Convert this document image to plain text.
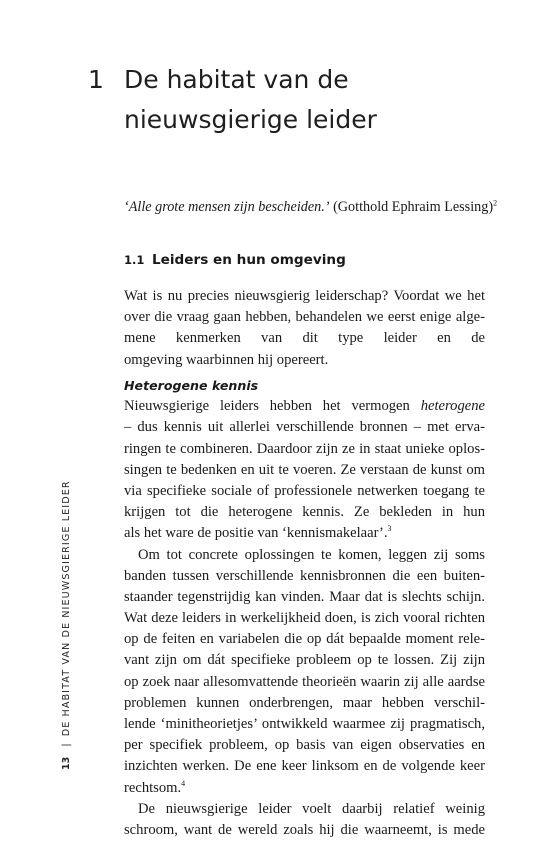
1 De habitat van de
nieuwsgierige leider
‘Alle grote mensen zijn bescheiden.’ (Gotthold Ephraim Lessing)$^2$
1.1 Leiders en hun omgeving
Wat is nu precies nieuwsgierig leiderschap? Voordat we het
over die vraag gaan hebben, behandelen we eerst enige alge-
mene kenmerken van dit type leider en de
omgeving waarbinnen hij opereert.
Heterogene kennis
Nieuwsgierige leiders hebben het vermogen heterogene
– dus kennis uit allerlei verschillende bronnen – met erva-
ringen te combineren. Daardoor zijn ze in staat unieke oplos-
singen te bedenken en uit te voeren. Ze verstaan de kunst om
via specifieke sociale of professionele netwerken toegang te
krijgen tot die heterogene kennis. Ze bekleden in hun
als het ware de positie van ‘kennismakelaar’.$^3$
Om tot concrete oplossingen te komen, leggen zij soms
banden tussen verschillende kennisbronnen die een buiten-
staander tegenstrijdig kan vinden. Maar dat is slechts schijn.
Wat deze leiders in werkelijkheid doen, is zich vooral richten
op de feiten en variabelen die op dát bepaalde moment rele-
vant zijn om dát specifieke probleem op te lossen. Zij zijn
op zoek naar allesomvattende theorieën waarin zij alle aardse
problemen kunnen onderbrengen, maar hebben verschil-
lende ‘minitheorietjes’ ontwikkeld waarmee zij pragmatisch,
per specifiek probleem, op basis van eigen observaties en
inzichten werken. De ene keer linksom en de volgende keer
rechtsom.$^4$
De nieuwsgierige leider voelt daarbij relatief weinig
schroom, want de wereld zoals hij die waarneemt, is mede
13|DE HABITAT VAN DE NIEUWSGIERIGE LEIDER
